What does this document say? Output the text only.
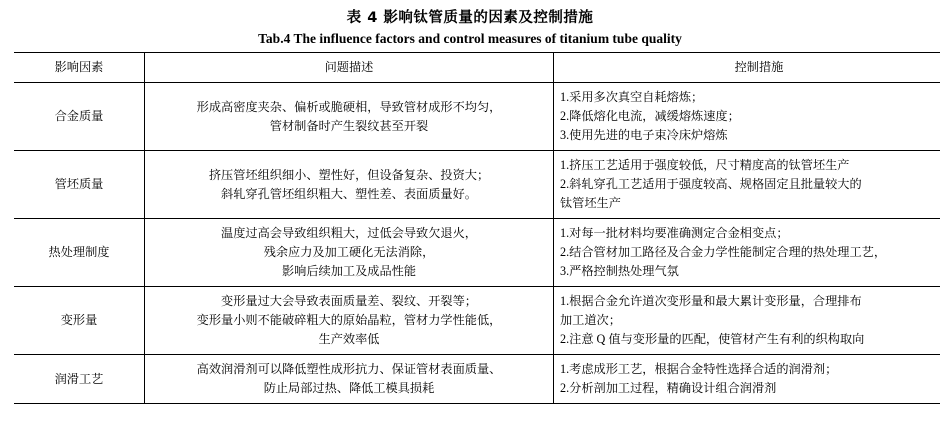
表 4 影响钛管质量的因素及控制措施
Tab.4 The influence factors and control measures of titanium tube quality
影响因素	问题描述	控制措施
合金质量	形成高密度夹杂、偏析或脆硬相，导致管材成形不均匀，
管材制备时产生裂纹甚至开裂	1.采用多次真空自耗熔炼；
2.降低熔化电流，减缓熔炼速度；
3.使用先进的电子束冷床炉熔炼

管坯质量	挤压管坯组织细小、塑性好，但设备复杂、投资大；
斜轧穿孔管坯组织粗大、塑性差、表面质量好。	1.挤压工艺适用于强度较低，尺寸精度高的钛管坯生产
2.斜轧穿孔工艺适用于强度较高、规格固定且批量较大的
钛管坯生产

热处理制度	温度过高会导致组织粗大，过低会导致欠退火，
残余应力及加工硬化无法消除，
影响后续加工及成品性能	1.对每一批材料均要准确测定合金相变点；
2.结合管材加工路径及合金力学性能制定合理的热处理工艺，
3.严格控制热处理气氛

变形量	变形量过大会导致表面质量差、裂纹、开裂等；
变形量小则不能破碎粗大的原始晶粒，管材力学性能低，
生产效率低	1.根据合金允许道次变形量和最大累计变形量，合理排布
加工道次；
2.注意 Q 值与变形量的匹配，使管材产生有利的织构取向

润滑工艺	高效润滑剂可以降低塑性成形抗力、保证管材表面质量、
防止局部过热、降低工模具损耗	1.考虑成形工艺，根据合金特性选择合适的润滑剂；
2.分析剖加工过程，精确设计组合润滑剂
